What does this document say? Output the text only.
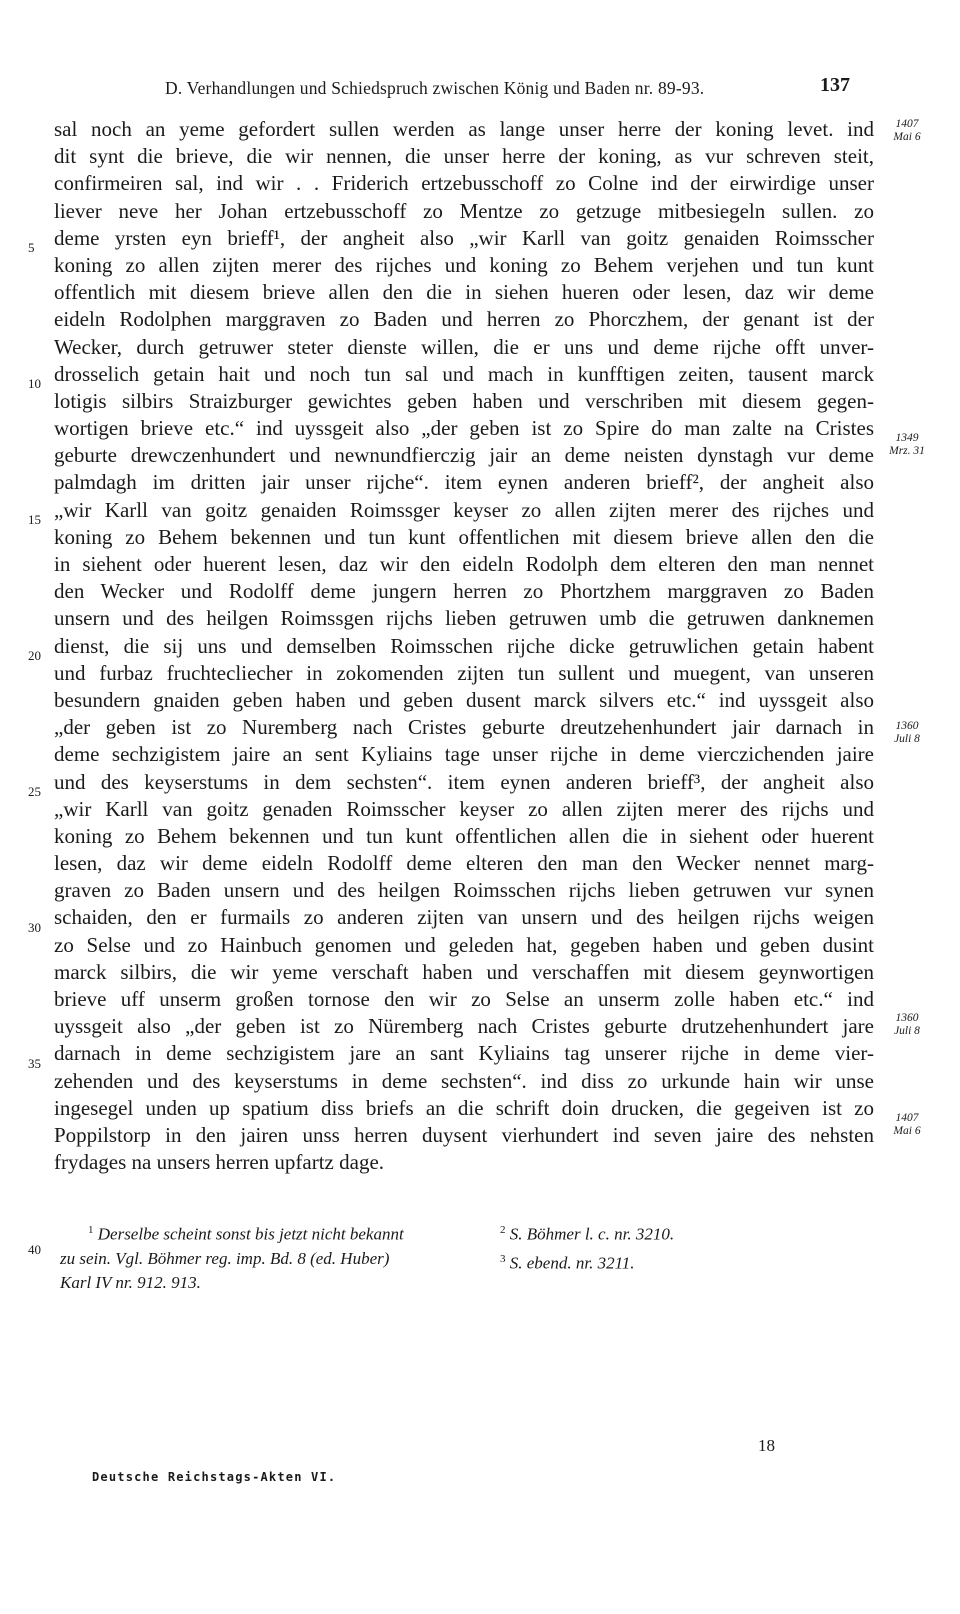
D. Verhandlungen und Schiedspruch zwischen König und Baden nr. 89-93.	137
sal noch an yeme gefordert sullen werden as lange unser herre der koning levet. ind
dit synt die brieve, die wir nennen, die unser herre der koning, as vur schreven steit,
confirmeiren sal, ind wir . . Friderich ertzebusschoff zo Colne ind der eirwirdige unser
liever neve her Johan ertzebusschoff zo Mentze zo getzuge mitbesiegeln sullen. zo
deme yrsten eyn brieff¹, der angheit also „wir Karll van goitz genaiden Roimsscher
koning zo allen zijten merer des rijches und koning zo Behem verjehen und tun kunt
offentlich mit diesem brieve allen den die in siehen hueren oder lesen, daz wir deme
eideln Rodolphen marggraven zo Baden und herren zo Phorczhem, der genant ist der
Wecker, durch getruwer steter dienste willen, die er uns und deme rijche offt unver-
drosselich getain hait und noch tun sal und mach in kunfftigen zeiten, tausent marck
lotigis silbirs Straizburger gewichtes geben haben und verschriben mit diesem gegen-
wortigen brieve etc.“ ind uyssgeit also „der geben ist zo Spire do man zalte na Cristes
geburte drewczenhundert und newnundfierczig jair an deme neisten dynstagh vur deme
palmdagh im dritten jair unser rijche“. item eynen anderen brieff², der angheit also
„wir Karll van goitz genaiden Roimssger keyser zo allen zijten merer des rijches und
koning zo Behem bekennen und tun kunt offentlichen mit diesem brieve allen den die
in siehent oder huerent lesen, daz wir den eideln Rodolph dem elteren den man nennet
den Wecker und Rodolff deme jungern herren zo Phortzhem marggraven zo Baden
unsern und des heilgen Roimssgen rijchs lieben getruwen umb die getruwen danknemen
dienst, die sij uns und demselben Roimsschen rijche dicke getruwlichen getain habent
und furbaz fruchtecliecher in zokomenden zijten tun sullent und muegent, van unseren
besundern gnaiden geben haben und geben dusent marck silvers etc.“ ind uyssgeit also
„der geben ist zo Nuremberg nach Cristes geburte dreutzehenhundert jair darnach in
deme sechzigistem jaire an sent Kyliains tage unser rijche in deme vierczichenden jaire
und des keyserstums in dem sechsten“. item eynen anderen brieff³, der angheit also
„wir Karll van goitz genaden Roimsscher keyser zo allen zijten merer des rijchs und
koning zo Behem bekennen und tun kunt offentlichen allen die in siehent oder huerent
lesen, daz wir deme eideln Rodolff deme elteren den man den Wecker nennet marg-
graven zo Baden unsern und des heilgen Roimsschen rijchs lieben getruwen vur synen
schaiden, den er furmails zo anderen zijten van unsern und des heilgen rijchs weigen
zo Selse und zo Hainbuch genomen und geleden hat, gegeben haben und geben dusint
marck silbirs, die wir yeme verschaft haben und verschaffen mit diesem geynwortigen
brieve uff unserm großen tornose den wir zo Selse an unserm zolle haben etc.“ ind
uyssgeit also „der geben ist zo Nüremberg nach Cristes geburte drutzehenhundert jare
darnach in deme sechzigistem jare an sant Kyliains tag unserer rijche in deme vier-
zehenden und des keyserstums in deme sechsten“. ind diss zo urkunde hain wir unse
ingesegel unden up spatium diss briefs an die schrift doin drucken, die gegeiven ist zo
Poppilstorp in den jairen unss herren duysent vierhundert ind seven jaire des nehsten
frydages na unsers herren upfartz dage.
5
10
15
20
25
30
35
1407
Mai 6
1349
Mrz. 31
1360
Juli 8
1360
Juli 8
1407
Mai 6
40
$^1$ Derselbe scheint sonst bis jetzt nicht bekannt
zu sein. Vgl. Böhmer reg. imp. Bd. 8 (ed. Huber)
Karl IV nr. 912. 913.
$^2$ S. Böhmer l. c. nr. 3210.
$^3$ S. ebend. nr. 3211.
18
Deutsche Reichstags-Akten VI.
